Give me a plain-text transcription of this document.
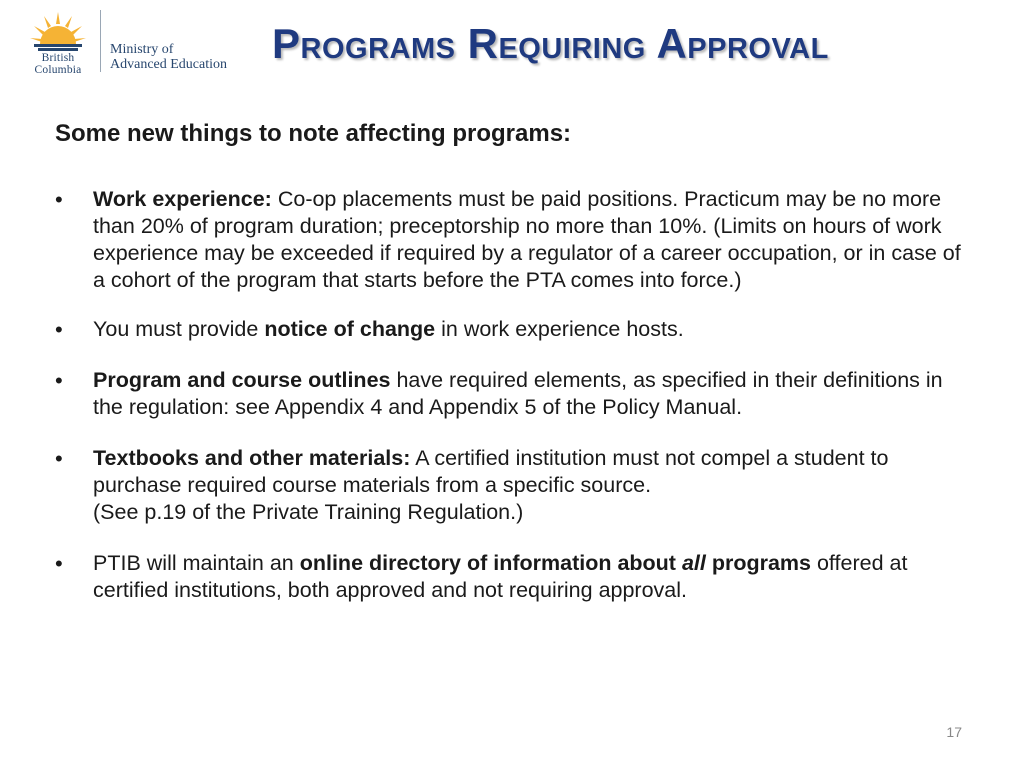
British
Columbia
Ministry of
Advanced Education Programs Requiring Approval
Some new things to note affecting programs:
•	Work experience: Co-op placements must be paid positions. Practicum may be no more than 20% of program duration; preceptorship no more than 10%. (Limits on hours of work experience may be exceeded if required by a regulator of a career occupation, or in case of a cohort of the program that starts before the PTA comes into force.)
•	You must provide notice of change in work experience hosts.
•	Program and course outlines have required elements, as specified in their definitions in the regulation: see Appendix 4 and Appendix 5 of the Policy Manual.
•	Textbooks and other materials: A certified institution must not compel a student to purchase required course materials from a specific source.
(See p.19 of the Private Training Regulation.)
•	PTIB will maintain an online directory of information about all programs offered at certified institutions, both approved and not requiring approval.
17
